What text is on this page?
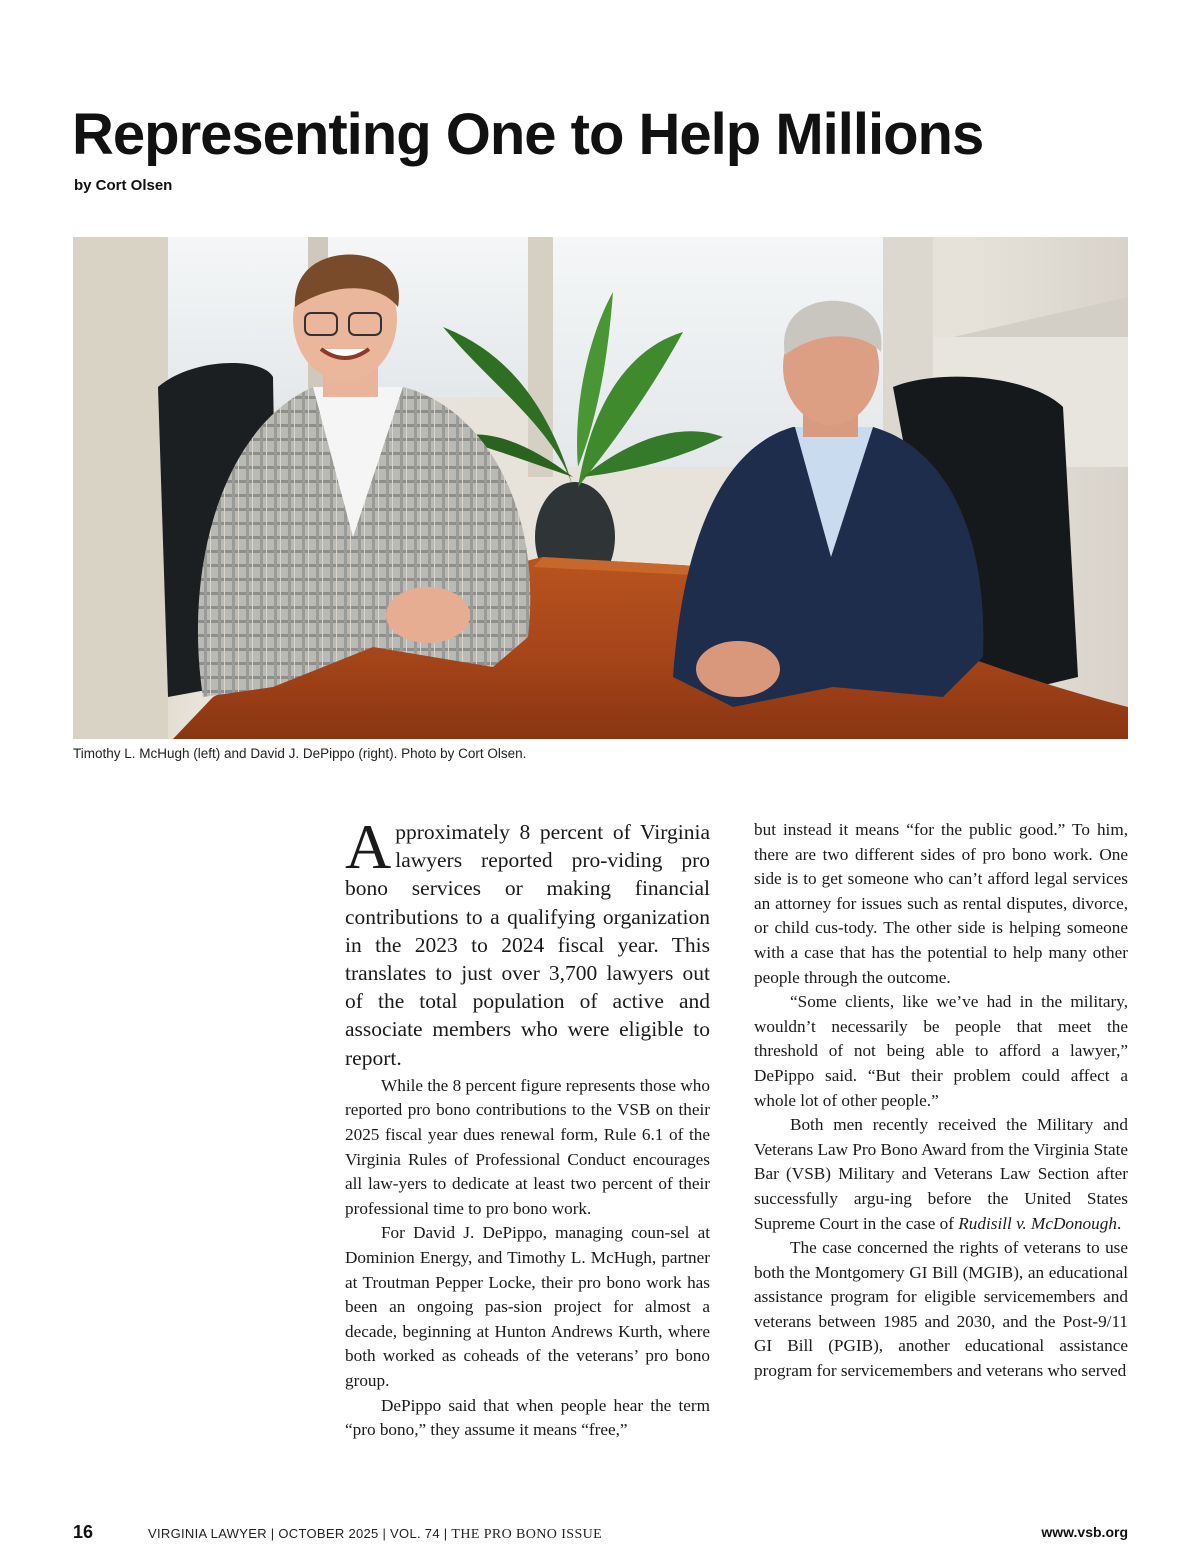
Representing One to Help Millions
by Cort Olsen
Timothy L. McHugh (left) and David J. DePippo (right). Photo by Cort Olsen.

Approximately 8 percent of Virginia lawyers reported pro-viding pro bono services or making financial contributions to a qualifying organization in the 2023 to 2024 fiscal year. This translates to just over 3,700 lawyers out of the total population of active and associate members who were eligible to report.

While the 8 percent figure represents those who reported pro bono contributions to the VSB on their 2025 fiscal year dues renewal form, Rule 6.1 of the Virginia Rules of Professional Conduct encourages all law-yers to dedicate at least two percent of their professional time to pro bono work.

For David J. DePippo, managing coun-sel at Dominion Energy, and Timothy L. McHugh, partner at Troutman Pepper Locke, their pro bono work has been an ongoing pas-sion project for almost a decade, beginning at Hunton Andrews Kurth, where both worked as coheads of the veterans’ pro bono group.

DePippo said that when people hear the term “pro bono,” they assume it means “free,”

but instead it means “for the public good.” To him, there are two different sides of pro bono work. One side is to get someone who can’t afford legal services an attorney for issues such as rental disputes, divorce, or child cus-tody. The other side is helping someone with a case that has the potential to help many other people through the outcome.

“Some clients, like we’ve had in the military, wouldn’t necessarily be people that meet the threshold of not being able to afford a lawyer,” DePippo said. “But their problem could affect a whole lot of other people.”

Both men recently received the Military and Veterans Law Pro Bono Award from the Virginia State Bar (VSB) Military and Veterans Law Section after successfully argu-ing before the United States Supreme Court in the case of Rudisill v. McDonough.

The case concerned the rights of veterans to use both the Montgomery GI Bill (MGIB), an educational assistance program for eligible servicemembers and veterans between 1985 and 2030, and the Post-9/11 GI Bill (PGIB), another educational assistance program for servicemembers and veterans who served

16	VIRGINIA LAWYER | OCTOBER 2025 | VOL. 74 | THE PRO BONO ISSUE	www.vsb.org
